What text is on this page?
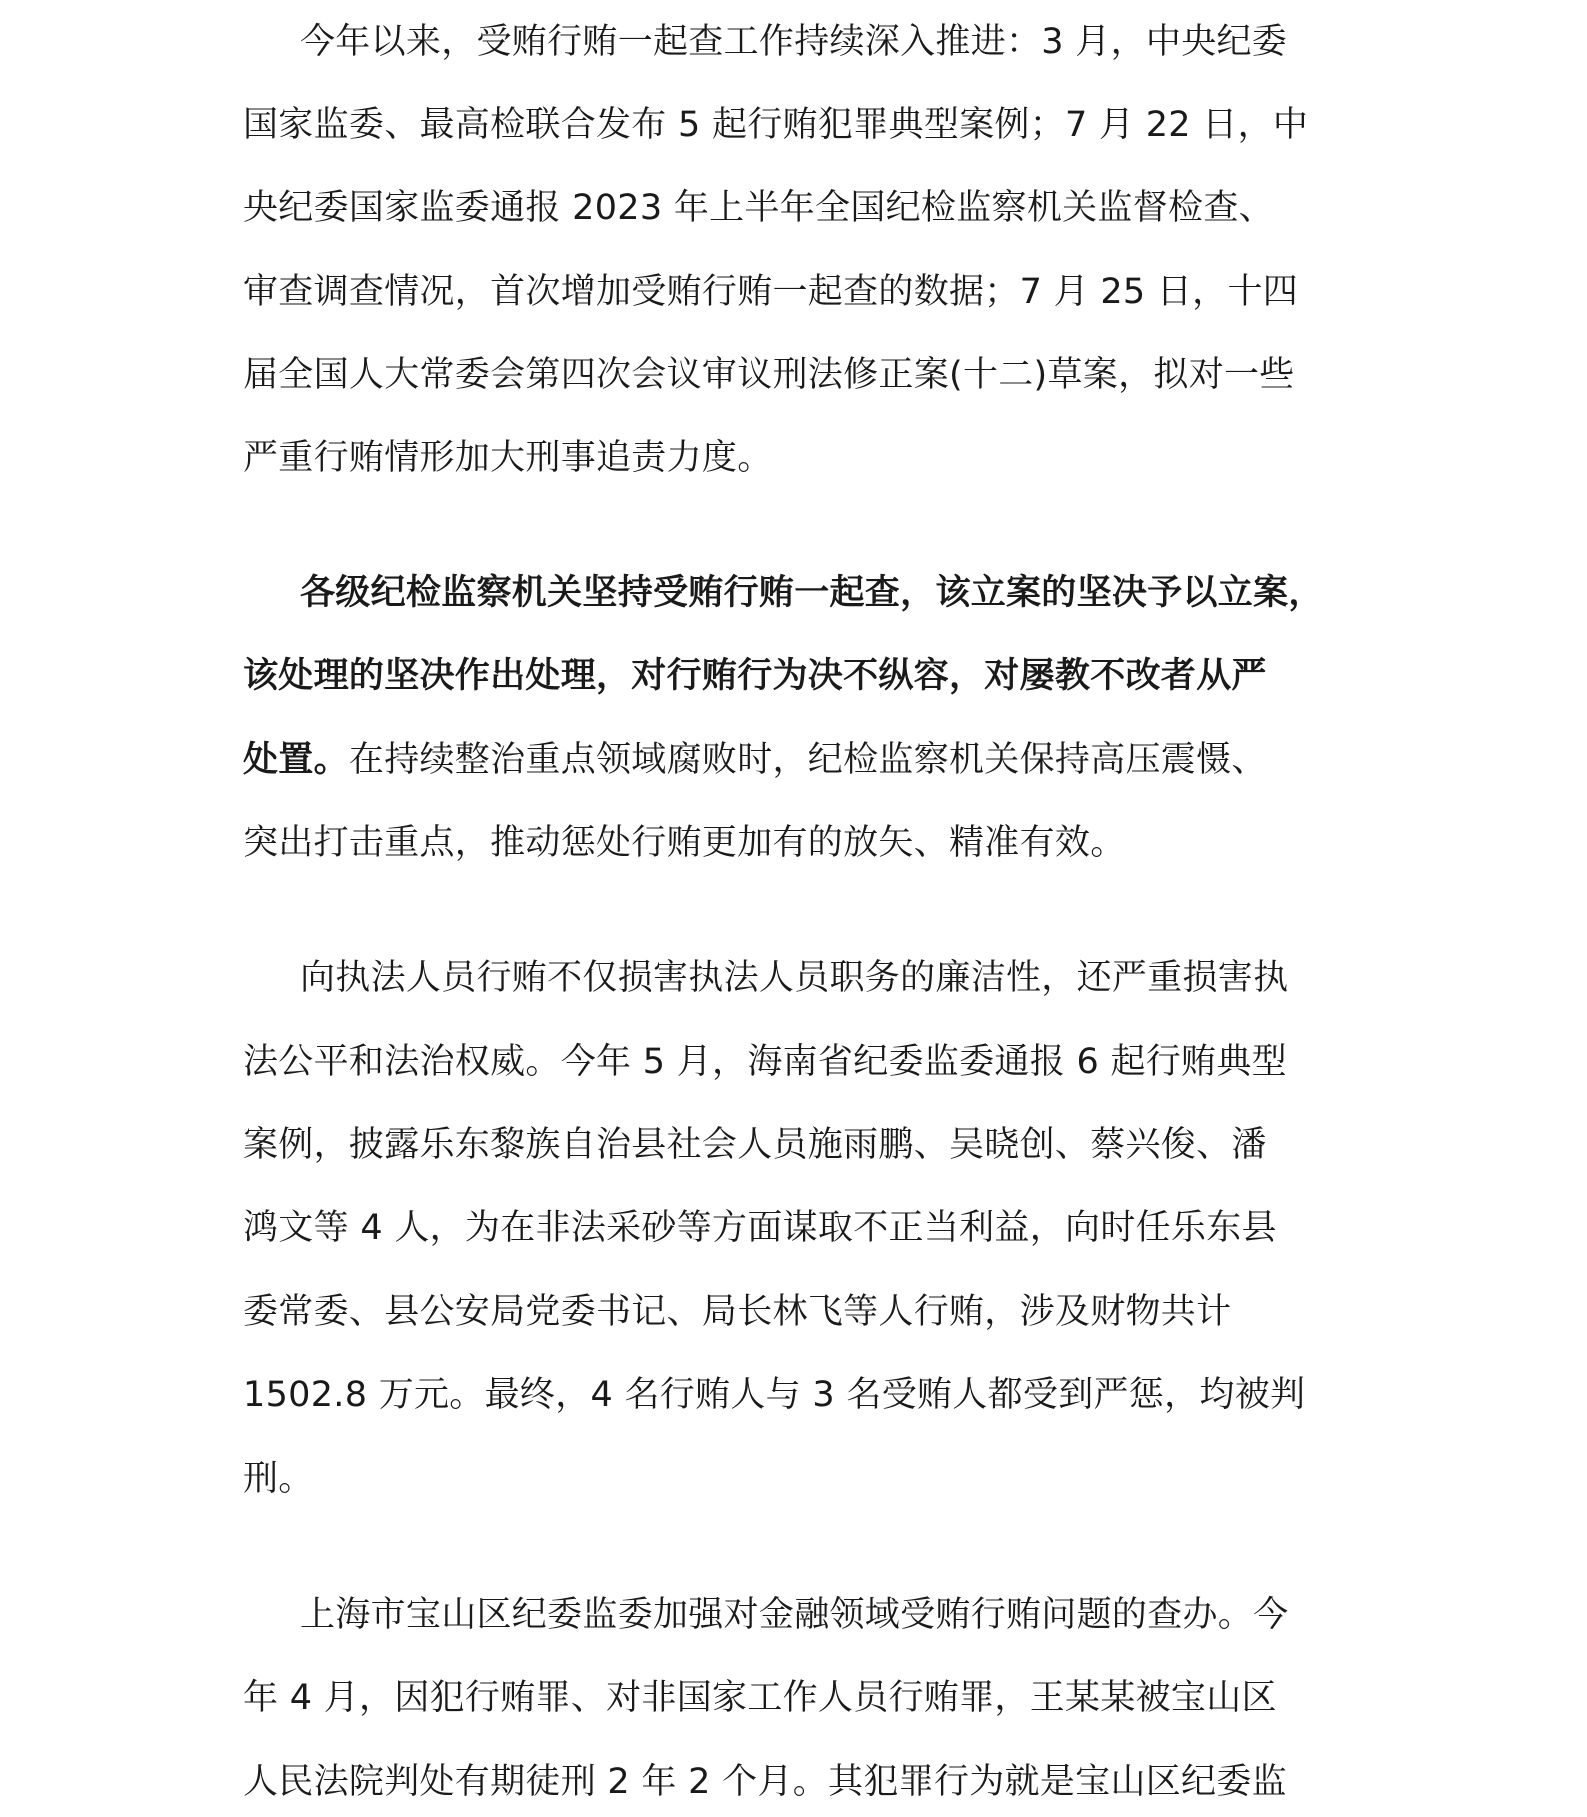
今年以来，受贿行贿一起查工作持续深入推进：3 月，中央纪委
国家监委、最高检联合发布 5 起行贿犯罪典型案例；7 月 22 日，中
央纪委国家监委通报 2023 年上半年全国纪检监察机关监督检查、
审查调查情况，首次增加受贿行贿一起查的数据；7 月 25 日，十四
届全国人大常委会第四次会议审议刑法修正案(十二)草案，拟对一些
严重行贿情形加大刑事追责力度。
各级纪检监察机关坚持受贿行贿一起查，该立案的坚决予以立案，
该处理的坚决作出处理，对行贿行为决不纵容，对屡教不改者从严
处置。在持续整治重点领域腐败时，纪检监察机关保持高压震慑、
突出打击重点，推动惩处行贿更加有的放矢、精准有效。
向执法人员行贿不仅损害执法人员职务的廉洁性，还严重损害执
法公平和法治权威。今年 5 月，海南省纪委监委通报 6 起行贿典型
案例，披露乐东黎族自治县社会人员施雨鹏、吴晓创、蔡兴俊、潘
鸿文等 4 人，为在非法采砂等方面谋取不正当利益，向时任乐东县
委常委、县公安局党委书记、局长林飞等人行贿，涉及财物共计
1502.8 万元。最终，4 名行贿人与 3 名受贿人都受到严惩，均被判
刑。
上海市宝山区纪委监委加强对金融领域受贿行贿问题的查办。今
年 4 月，因犯行贿罪、对非国家工作人员行贿罪，王某某被宝山区
人民法院判处有期徒刑 2 年 2 个月。其犯罪行为就是宝山区纪委监
